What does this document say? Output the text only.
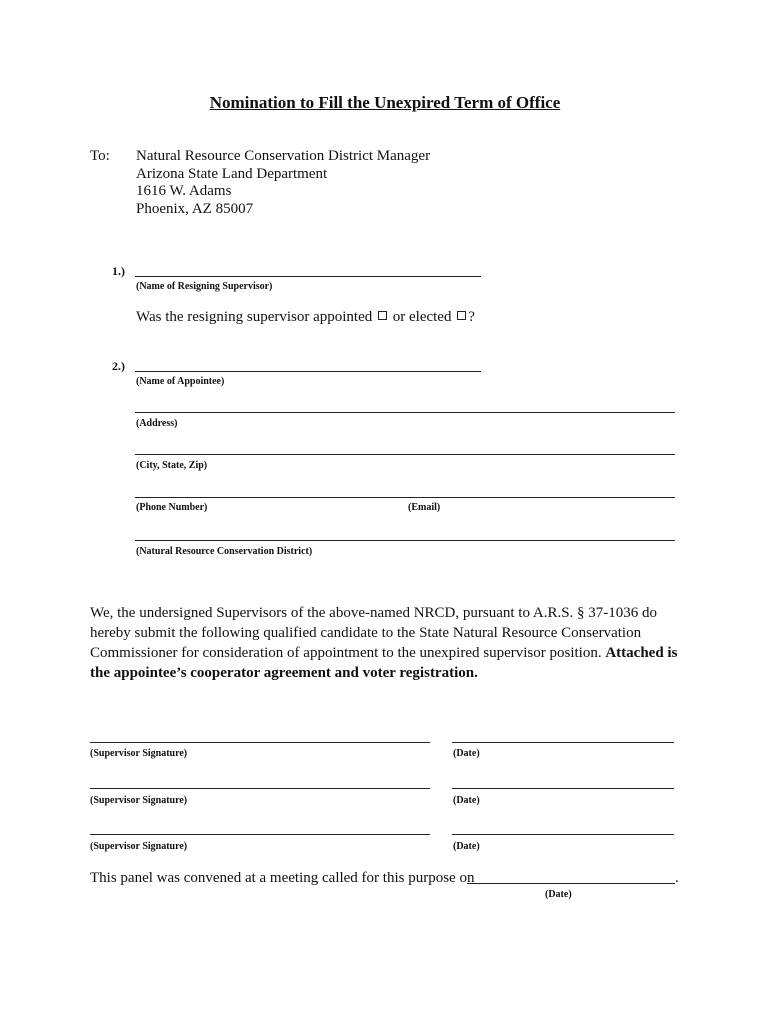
Nomination to Fill the Unexpired Term of Office
To: Natural Resource Conservation District Manager
Arizona State Land Department
1616 W. Adams
Phoenix, AZ 85007
1.)
(Name of Resigning Supervisor)
Was the resigning supervisor appointed or elected ?
2.)
(Name of Appointee)
(Address)
(City, State, Zip)
(Phone Number)	(Email)
(Natural Resource Conservation District)
We, the undersigned Supervisors of the above-named NRCD, pursuant to A.R.S. § 37-1036 do hereby submit the following qualified candidate to the State Natural Resource Conservation Commissioner for consideration of appointment to the unexpired supervisor position. Attached is the appointee’s cooperator agreement and voter registration.
(Supervisor Signature)	(Date)
(Supervisor Signature)	(Date)
(Supervisor Signature)	(Date)
This panel was convened at a meeting called for this purpose on	.
(Date)
